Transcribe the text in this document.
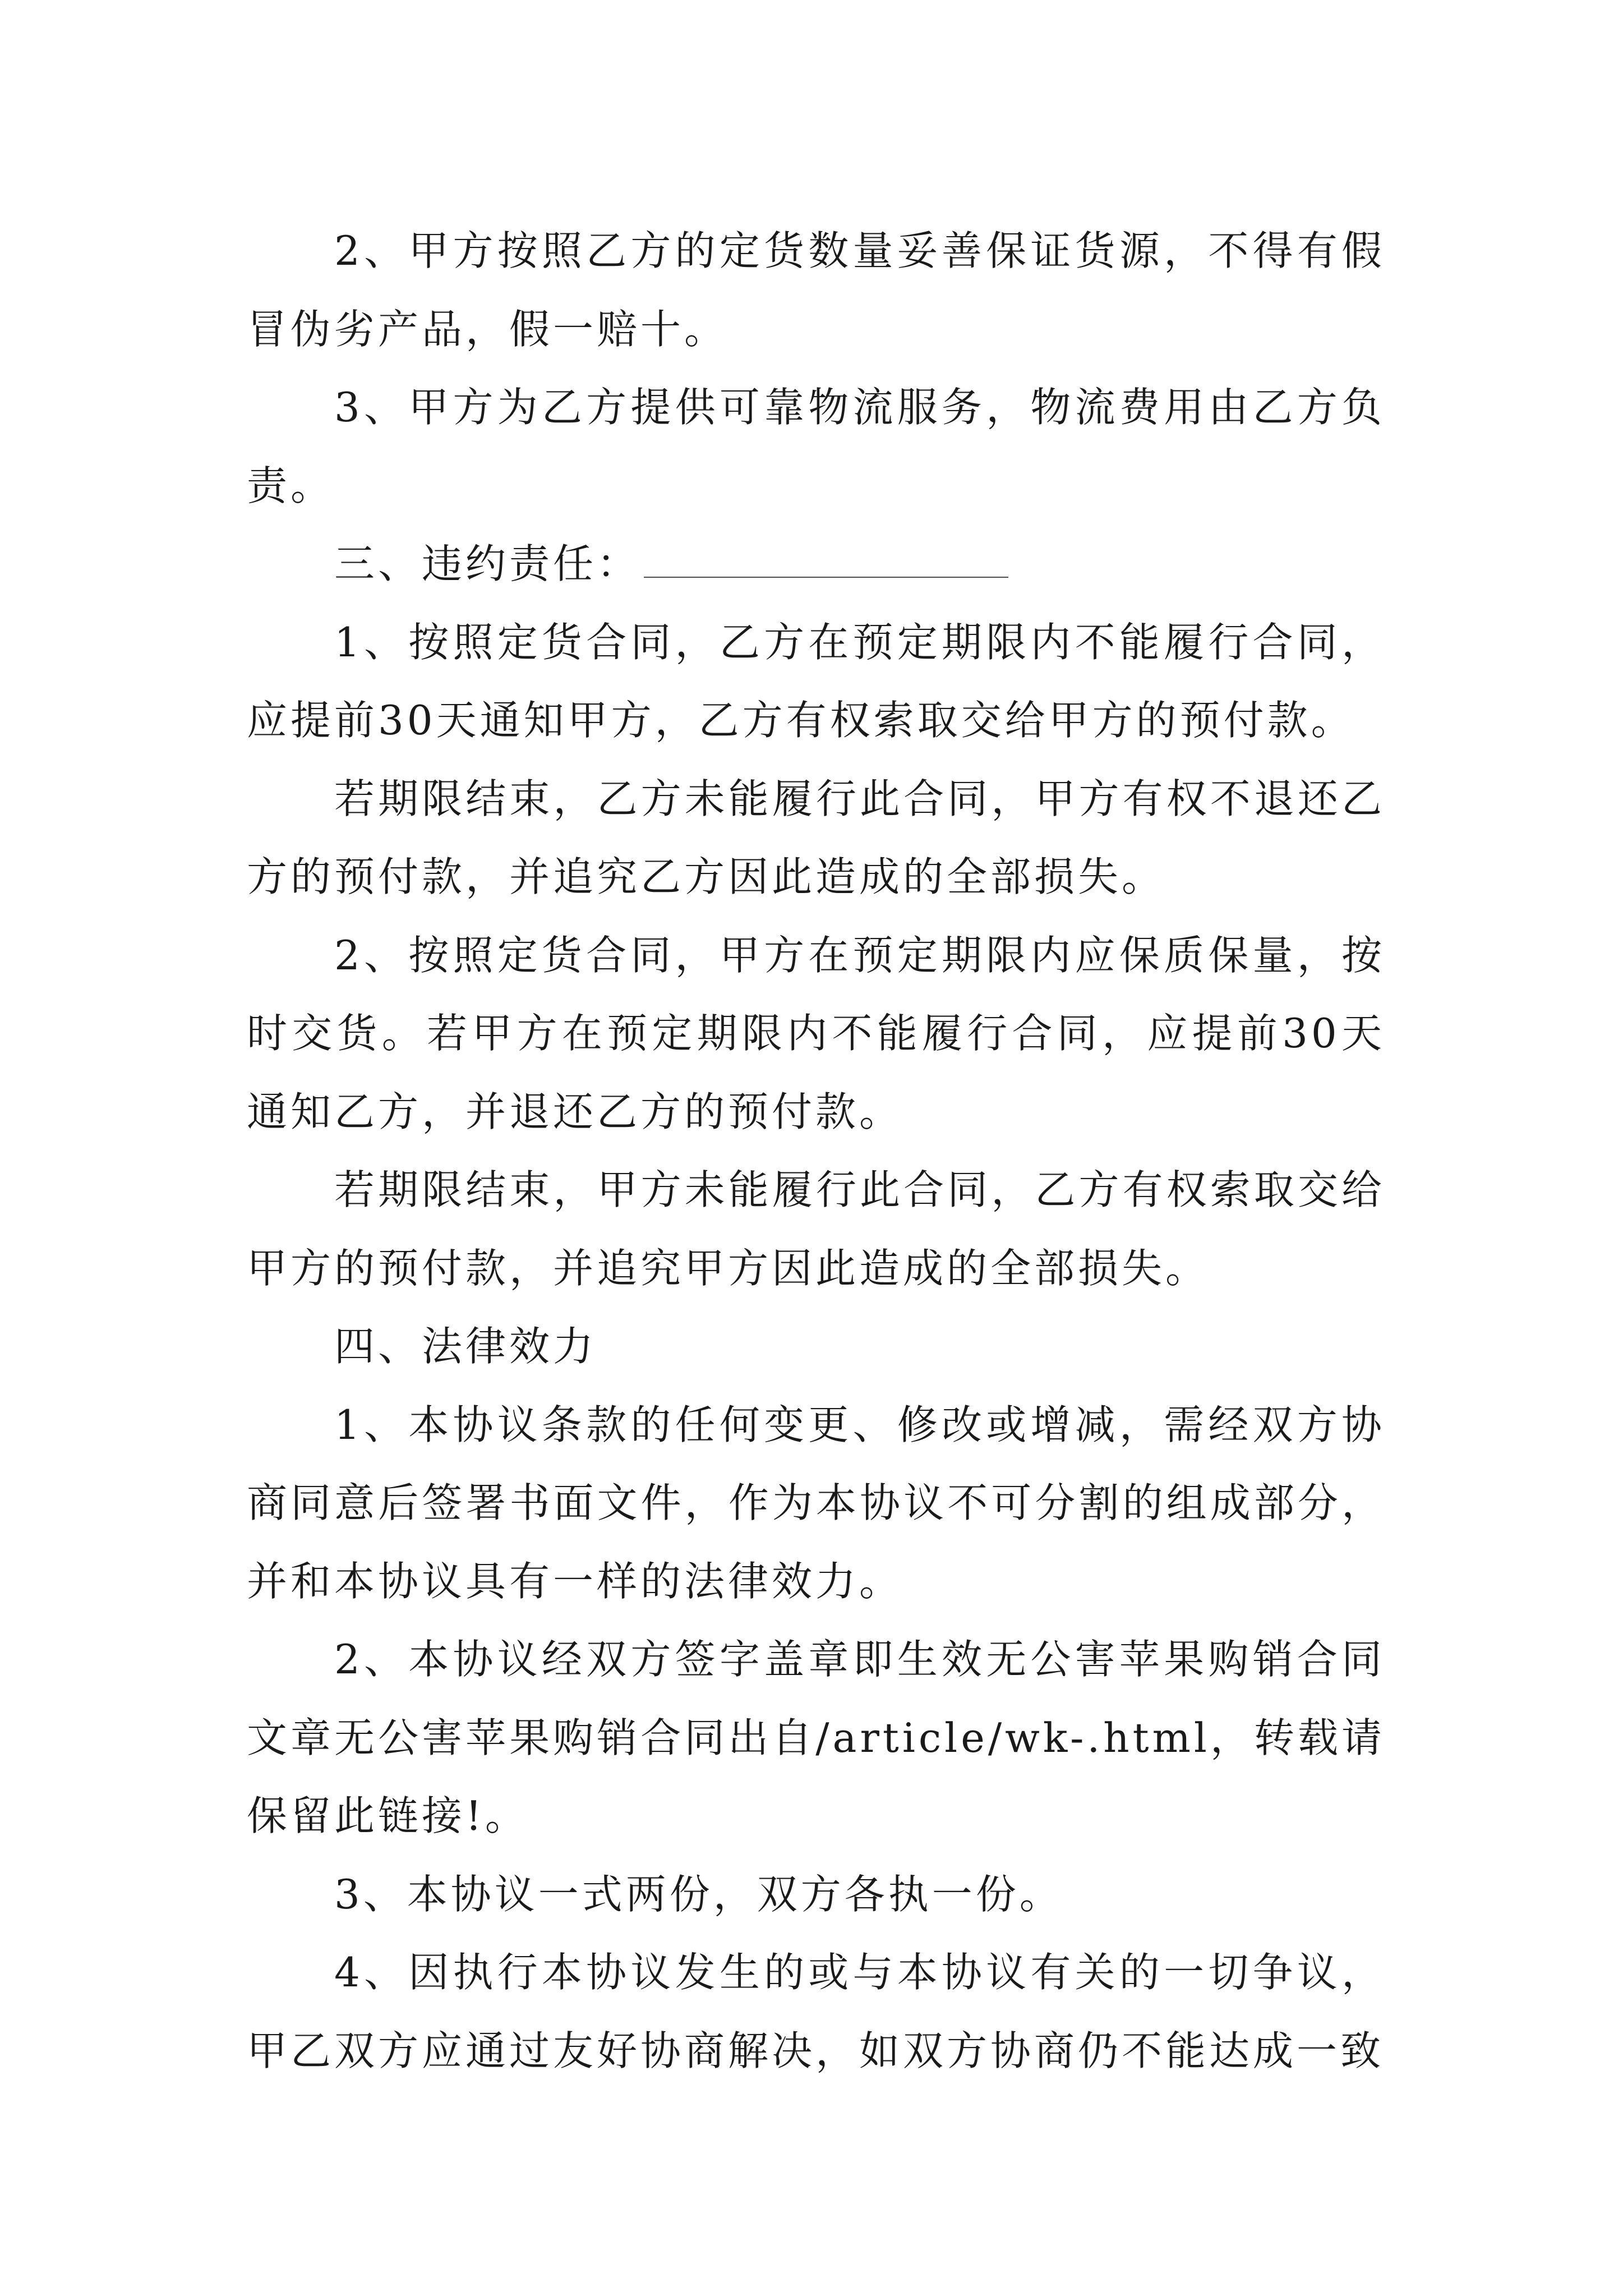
2、甲方按照乙方的定货数量妥善保证货源，不得有假冒伪劣产品，假一赔十。

3、甲方为乙方提供可靠物流服务，物流费用由乙方负责。

三、违约责任：

1、按照定货合同，乙方在预定期限内不能履行合同，应提前30天通知甲方，乙方有权索取交给甲方的预付款。

若期限结束，乙方未能履行此合同，甲方有权不退还乙方的预付款，并追究乙方因此造成的全部损失。

2、按照定货合同，甲方在预定期限内应保质保量，按时交货。若甲方在预定期限内不能履行合同，应提前30天通知乙方，并退还乙方的预付款。

若期限结束，甲方未能履行此合同，乙方有权索取交给甲方的预付款，并追究甲方因此造成的全部损失。

四、法律效力

1、本协议条款的任何变更、修改或增减，需经双方协商同意后签署书面文件，作为本协议不可分割的组成部分，并和本协议具有一样的法律效力。

2、本协议经双方签字盖章即生效无公害苹果购销合同文章无公害苹果购销合同出自/article/wk-.html，转载请保留此链接!。

3、本协议一式两份，双方各执一份。

4、因执行本协议发生的或与本协议有关的一切争议，甲乙双方应通过友好协商解决，如双方协商仍不能达成一致
